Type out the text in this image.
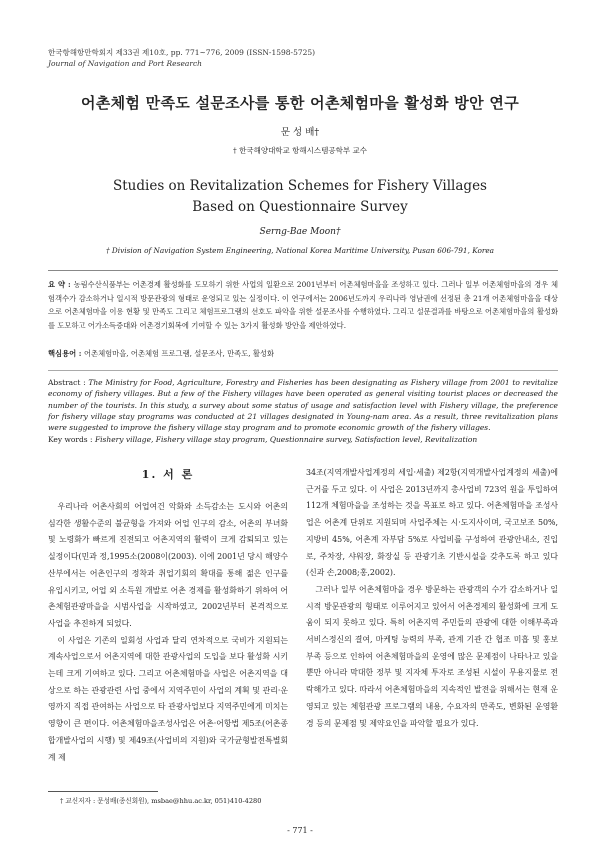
한국항해항만학회지 제33권 제10호, pp. 771~776, 2009 (ISSN-1598-5725)
Journal of Navigation and Port Research
어촌체험 만족도 설문조사를 통한 어촌체험마을 활성화 방안 연구
문 성 배†
† 한국해양대학교 항해시스템공학부 교수
Studies on Revitalization Schemes for Fishery Villages
Based on Questionnaire Survey
Serng-Bae Moon†
† Division of Navigation System Engineering, National Korea Maritime University, Pusan 606-791, Korea
요 약 : 농림수산식품부는 어촌경제 활성화를 도모하기 위한 사업의 일환으로 2001년부터 어촌체험마을을 조성하고 있다. 그러나 일부 어촌체험마을의 경우 체험객수가 감소하거나 일시적 방문관광의 형태로 운영되고 있는 실정이다. 이 연구에서는 2006년도까지 우리나라 영남권에 선정된 총 21개 어촌체험마을을 대상으로 어촌체험마을 이용 현황 및 만족도 그리고 체험프로그램의 선호도 파악을 위한 설문조사를 수행하였다. 그리고 설문결과를 바탕으로 어촌체험마을의 활성화를 도모하고 어가소득증대와 어촌경기회복에 기여할 수 있는 3가지 활성화 방안을 제안하였다.
핵심용어 : 어촌체험마을, 어촌체험 프로그램, 설문조사, 만족도, 활성화
Abstract : The Ministry for Food, Agriculture, Forestry and Fisheries has been designating as Fishery village from 2001 to revitalize economy of fishery villages. But a few of the Fishery villages have been operated as general visiting tourist places or decreased the number of the tourists. In this study, a survey about some status of usage and satisfaction level with Fishery village, the preference for fishery village stay programs was conducted at 21 villages designated in Young-nam area. As a result, three revitalization plans were suggested to improve the fishery village stay program and to promote economic growth of the fishery villages.
Key words : Fishery village, Fishery village stay program, Questionnaire survey, Satisfaction level, Revitalization
1. 서 론

우리나라 어촌사회의 어업여건 악화와 소득감소는 도시와 어촌의 심각한 생활수준의 불균형을 가져와 어업 인구의 감소, 어촌의 부녀화 및 노령화가 빠르게 진전되고 어촌지역의 활력이 크게 감퇴되고 있는 실정이다(민과 정,1995소(2008이(2003). 이에 2001년 당시 해양수산부에서는 어촌인구의 정착과 취업기회의 확대를 통해 젊은 인구를 유입시키고, 어업 외 소득원 개발로 어촌 경제를 활성화하기 위하여 어촌체험관광마을을 시범사업을 시작하였고, 2002년부터 본격적으로 사업을 추진하게 되었다.

이 사업은 기존의 일회성 사업과 달리 연차적으로 국비가 지원되는 계속사업으로서 어촌지역에 대한 관광사업의 도입을 보다 활성화 시키는데 크게 기여하고 있다. 그리고 어촌체험마을 사업은 어촌지역을 대상으로 하는 관광관련 사업 중에서 지역주민이 사업의 계획 및 관리·운영까지 직접 관여하는 사업으로 타 관광사업보다 지역주민에게 미치는 영향이 큰 편이다. 어촌체험마을조성사업은 어촌·어항법 제5조(어촌종합개발사업의 시행) 및 제49조(사업비의 지원)와 국가균형발전특별회계 제

34조(지역개발사업계정의 세입·세출) 제2항(지역개발사업계정의 세출)에 근거를 두고 있다. 이 사업은 2013년까지 총사업비 723억 원을 투입하여 112개 체험마을을 조성하는 것을 목표로 하고 있다. 어촌체험마을 조성사업은 어촌계 단위로 지원되며 사업주체는 시·도지사이며, 국고보조 50%, 지방비 45%, 어촌계 자부담 5%로 사업비를 구성하여 관광안내소, 진입로, 주차장, 샤워장, 화장실 등 관광기초 기반시설을 갖추도록 하고 있다(신과 손,2008;홍,2002).

그러나 일부 어촌체험마을 경우 방문하는 관광객의 수가 감소하거나 일시적 방문관광의 형태로 이루어지고 있어서 어촌경제의 활성화에 크게 도움이 되지 못하고 있다. 특히 어촌지역 주민들의 관광에 대한 이해부족과 서비스정신의 결여, 마케팅 능력의 부족, 관계 기관 간 협조 미흡 및 홍보부족 등으로 인하여 어촌체험마을의 운영에 많은 문제점이 나타나고 있을 뿐만 아니라 막대한 정부 및 지자체 투자로 조성된 시설이 무용지물로 전락해가고 있다. 따라서 어촌체험마을의 지속적인 발전을 위해서는 현재 운영되고 있는 체험관광 프로그램의 내용, 수요자의 만족도, 변화된 운영환경 등의 문제점 및 제약요인을 파악할 필요가 있다.

† 교신저자 : 문성배(종신회원), msbae@hhu.ac.kr, 051)410-4280
- 771 -
